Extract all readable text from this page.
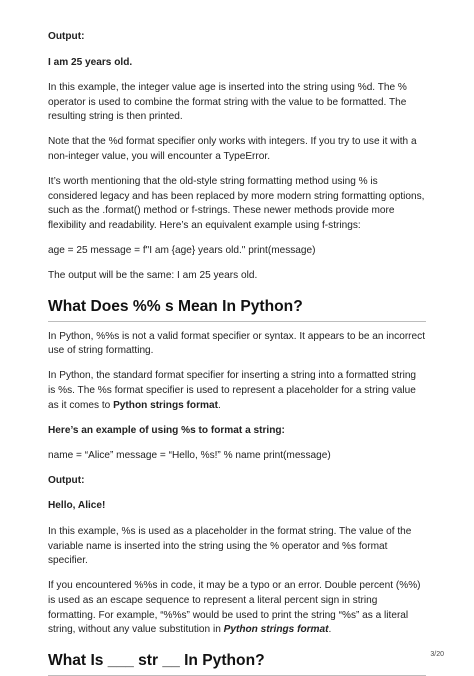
Output:

I am 25 years old.

In this example, the integer value age is inserted into the string using %d. The % operator is used to combine the format string with the value to be formatted. The resulting string is then printed.

Note that the %d format specifier only works with integers. If you try to use it with a non-integer value, you will encounter a TypeError.

It’s worth mentioning that the old-style string formatting method using % is considered legacy and has been replaced by more modern string formatting options, such as the .format() method or f-strings. These newer methods provide more flexibility and readability. Here’s an equivalent example using f-strings:

age = 25 message = f"I am {age} years old." print(message)

The output will be the same: I am 25 years old.

What Does %% s Mean In Python?

In Python, %%s is not a valid format specifier or syntax. It appears to be an incorrect use of string formatting.

In Python, the standard format specifier for inserting a string into a formatted string is %s. The %s format specifier is used to represent a placeholder for a string value as it comes to Python strings format.

Here’s an example of using %s to format a string:

name = “Alice” message = “Hello, %s!” % name print(message)

Output:

Hello, Alice!

In this example, %s is used as a placeholder in the format string. The value of the variable name is inserted into the string using the % operator and %s format specifier.

If you encountered %%s in code, it may be a typo or an error. Double percent (%%) is used as an escape sequence to represent a literal percent sign in string formatting. For example, “%%s” would be used to print the string “%s” as a literal string, without any value substitution in Python strings format.

What Is ___ str __ In Python?	3/20
